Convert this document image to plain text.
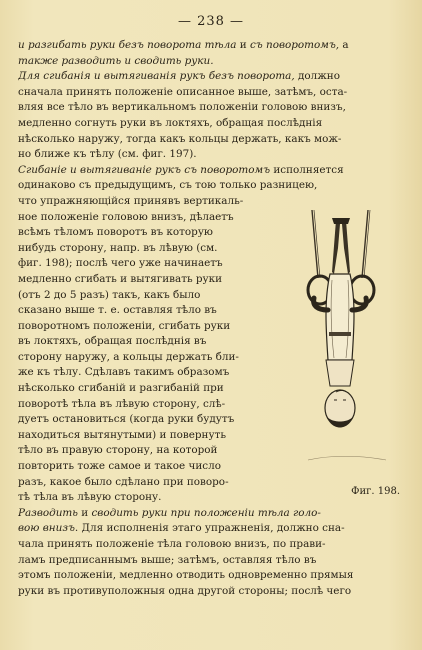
— 238 —
и разгибать руки безъ поворота тѣла и съ поворотомъ, а
также разводить и сводить руки.
Для сгибанія и вытягиванія рукъ безъ поворота, должно
сначала принять положеніе описанное выше, затѣмъ, оста-
вляя все тѣло въ вертикальномъ положеніи головою внизъ,
медленно согнуть руки въ локтяхъ, обращая послѣднія
нѣсколько наружу, тогда какъ кольцы держать, какъ мож-
но ближе къ тѣлу (см. фиг. 197).
Сгибаніе и вытягиваніе рукъ съ поворотомъ исполняется
одинаково съ предыдущимъ, съ тою только разницею,
что упражняющійся принявъ вертикаль-
ное положеніе головою внизъ, дѣлаетъ
всѣмъ тѣломъ поворотъ въ которую
нибудь сторону, напр. въ лѣвую (см.
фиг. 198); послѣ чего уже начинаетъ
медленно сгибать и вытягивать руки
(отъ 2 до 5 разъ) такъ, какъ было
сказано выше т. е. оставляя тѣло въ
поворотномъ положеніи, сгибать руки
въ локтяхъ, обращая послѣднія въ
сторону наружу, а кольцы держать бли-
же къ тѣлу. Сдѣлавъ такимъ образомъ
нѣсколько сгибаній и разгибаній при
поворотѣ тѣла въ лѣвую сторону, слѣ-
дуетъ остановиться (когда руки будутъ
находиться вытянутыми) и повернуть
тѣло въ правую сторону, на которой
повторить тоже самое и такое число
разъ, какое было сдѣлано при поворо-
тѣ тѣла въ лѣвую сторону.
Разводить и сводить руки при положеніи тѣла голо-
вою внизъ. Для исполненія этаго упражненія, должно сна-
чала принять положеніе тѣла головою внизъ, по прави-
ламъ предписаннымъ выше; затѣмъ, оставляя тѣло въ
этомъ положеніи, медленно отводить одновременно прямыя
руки въ противуположныя одна другой стороны; послѣ чего
Фиг. 198.
